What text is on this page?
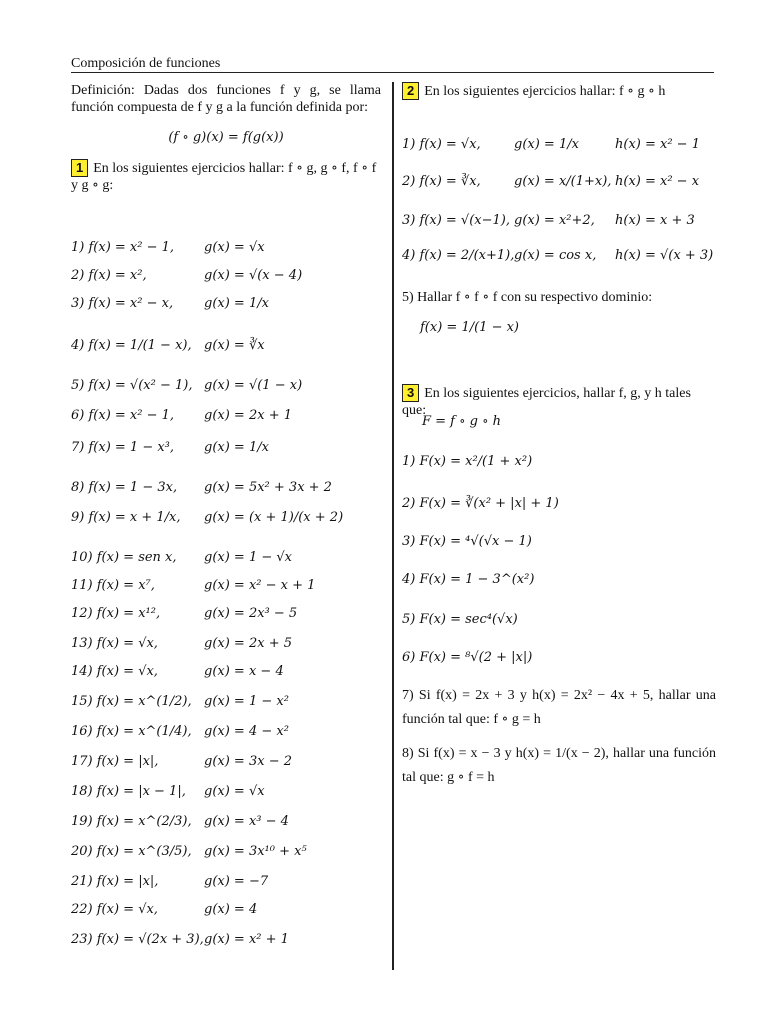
Composición de funciones
Definición: Dadas dos funciones f y g, se llama función compuesta de f y g a la función definida por:
(f ∘ g)(x) = f(g(x))
1 En los siguientes ejercicios hallar: f ∘ g, g ∘ f, f ∘ f y g ∘ g:
1) f(x) = x² − 1, g(x) = √x
2) f(x) = x²,	g(x) = √(x − 4)
3) f(x) = x² − x, g(x) = 1/x
4) f(x) = 1/(1 − x), g(x) = ∛x
5) f(x) = √(x² − 1), g(x) = √(1 − x)
6) f(x) = x² − 1, g(x) = 2x + 1
7) f(x) = 1 − x³, g(x) = 1/x
8) f(x) = 1 − 3x, g(x) = 5x² + 3x + 2
9) f(x) = x + 1/x, g(x) = (x + 1)/(x + 2)
10) f(x) = sen x, g(x) = 1 − √x
11) f(x) = x⁷,	g(x) = x² − x + 1
12) f(x) = x¹²,	g(x) = 2x³ − 5
13) f(x) = √x,	g(x) = 2x + 5
14) f(x) = √x,	g(x) = x − 4
15) f(x) = x^(1/2), g(x) = 1 − x²
16) f(x) = x^(1/4), g(x) = 4 − x²
17) f(x) = |x|,	g(x) = 3x − 2
18) f(x) = |x − 1|, g(x) = √x
19) f(x) = x^(2/3), g(x) = x³ − 4
20) f(x) = x^(3/5), g(x) = 3x¹⁰ + x⁵
21) f(x) = |x|,	g(x) = −7
22) f(x) = √x,	g(x) = 4
23) f(x) = √(2x + 3), g(x) = x² + 1
2 En los siguientes ejercicios hallar: f ∘ g ∘ h
1) f(x) = √x,	g(x) = 1/x	h(x) = x² − 1
2) f(x) = ∛x,	g(x) = x/(1+x), h(x) = x² − x
3) f(x) = √(x−1), g(x) = x²+2, h(x) = x + 3
4) f(x) = 2/(x+1), g(x) = cos x, h(x) = √(x + 3)
5) Hallar f ∘ f ∘ f con su respectivo dominio:
f(x) = 1/(1 − x)
3 En los siguientes ejercicios, hallar f, g, y h tales que:
F = f ∘ g ∘ h
1) F(x) = x²/(1 + x²)
2) F(x) = ∛(x² + |x| + 1)
3) F(x) = ⁴√(√x − 1)
4) F(x) = 1 − 3^(x²)
5) F(x) = sec⁴(√x)
6) F(x) = ⁸√(2 + |x|)
7) Si f(x) = 2x + 3 y h(x) = 2x² − 4x + 5, hallar una función tal que: f ∘ g = h
8) Si f(x) = x − 3 y h(x) = 1/(x − 2), hallar una función tal que: g ∘ f = h
